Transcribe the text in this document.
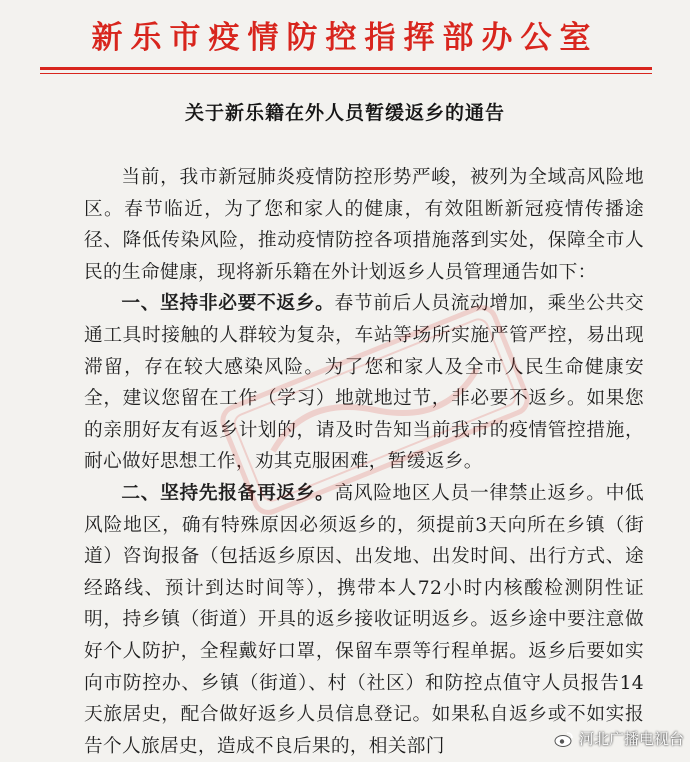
新乐市疫情防控指挥部办公室
关于新乐籍在外人员暂缓返乡的通告

当前，我市新冠肺炎疫情防控形势严峻，被列为全域高风险地区。春节临近，为了您和家人的健康，有效阻断新冠疫情传播途径、降低传染风险，推动疫情防控各项措施落到实处，保障全市人民的生命健康，现将新乐籍在外计划返乡人员管理通告如下：

一、坚持非必要不返乡。春节前后人员流动增加，乘坐公共交通工具时接触的人群较为复杂，车站等场所实施严管严控，易出现滞留，存在较大感染风险。为了您和家人及全市人民生命健康安全，建议您留在工作（学习）地就地过节，非必要不返乡。如果您的亲朋好友有返乡计划的，请及时告知当前我市的疫情管控措施，耐心做好思想工作，劝其克服困难，暂缓返乡。

二、坚持先报备再返乡。高风险地区人员一律禁止返乡。中低风险地区，确有特殊原因必须返乡的，须提前3天向所在乡镇（街道）咨询报备（包括返乡原因、出发地、出发时间、出行方式、途经路线、预计到达时间等），携带本人72小时内核酸检测阴性证明，持乡镇（街道）开具的返乡接收证明返乡。返乡途中要注意做好个人防护，全程戴好口罩，保留车票等行程单据。返乡后要如实向市防控办、乡镇（街道）、村（社区）和防控点值守人员报告14天旅居史，配合做好返乡人员信息登记。如果私自返乡或不如实报告个人旅居史，造成不良后果的，相关部门	河北广播电视台
